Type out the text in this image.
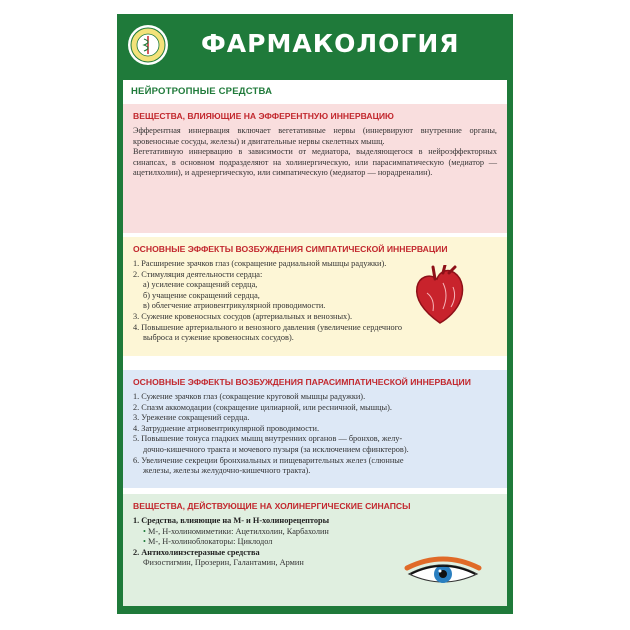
ФАРМАКОЛОГИЯ
НЕЙРОТРОПНЫЕ СРЕДСТВА
ВЕЩЕСТВА, ВЛИЯЮЩИЕ НА ЭФФЕРЕНТНУЮ ИННЕРВАЦИЮ

Эфферентная иннервация включает вегетативные нервы (иннервируют внутренние органы, кровеносные сосуды, железы) и двигательные нервы скелетных мышц.

Вегетативную иннервацию в зависимости от медиатора, выделяющегося в нейроэффекторных синапсах, в основном подразделяют на холинергическую, или парасимпатическую (медиатор — ацетилхолин), и адренергическую, или симпатическую (медиатор — норадреналин).

ОСНОВНЫЕ ЭФФЕКТЫ ВОЗБУЖДЕНИЯ СИМПАТИЧЕСКОЙ ИННЕРВАЦИИ
1. Расширение зрачков глаз (сокращение радиальной мышцы радужки).
2. Стимуляция деятельности сердца:
а) усиление сокращений сердца,
б) учащение сокращений сердца,
в) облегчение атриовентрикулярной проводимости.
3. Сужение кровеносных сосудов (артериальных и венозных).
4. Повышение артериального и венозного давления (увеличение сердечного
выброса и сужение кровеносных сосудов).
ОСНОВНЫЕ ЭФФЕКТЫ ВОЗБУЖДЕНИЯ ПАРАСИМПАТИЧЕСКОЙ ИННЕРВАЦИИ
1. Сужение зрачков глаз (сокращение круговой мышцы радужки).
2. Спазм аккомодации (сокращение цилиарной, или ресничной, мышцы).
3. Урежение сокращений сердца.
4. Затруднение атриовентрикулярной проводимости.
5. Повышение тонуса гладких мышц внутренних органов — бронхов, желу-
дочно-кишечного тракта и мочевого пузыря (за исключением сфинктеров).
6. Увеличение секреции бронхиальных и пищеварительных желез (слюнные
железы, железы желудочно-кишечного тракта).
ВЕЩЕСТВА, ДЕЙСТВУЮЩИЕ НА ХОЛИНЕРГИЧЕСКИЕ СИНАПСЫ
1. Средства, влияющие на М- и Н-холинорецепторы
• М-, Н-холиномиметики: Ацетилхолин, Карбахолин
• М-, Н-холиноблокаторы: Циклодол
2. Антихолинэстеразные средства
Физостигмин, Прозерин, Галантамин, Армин
